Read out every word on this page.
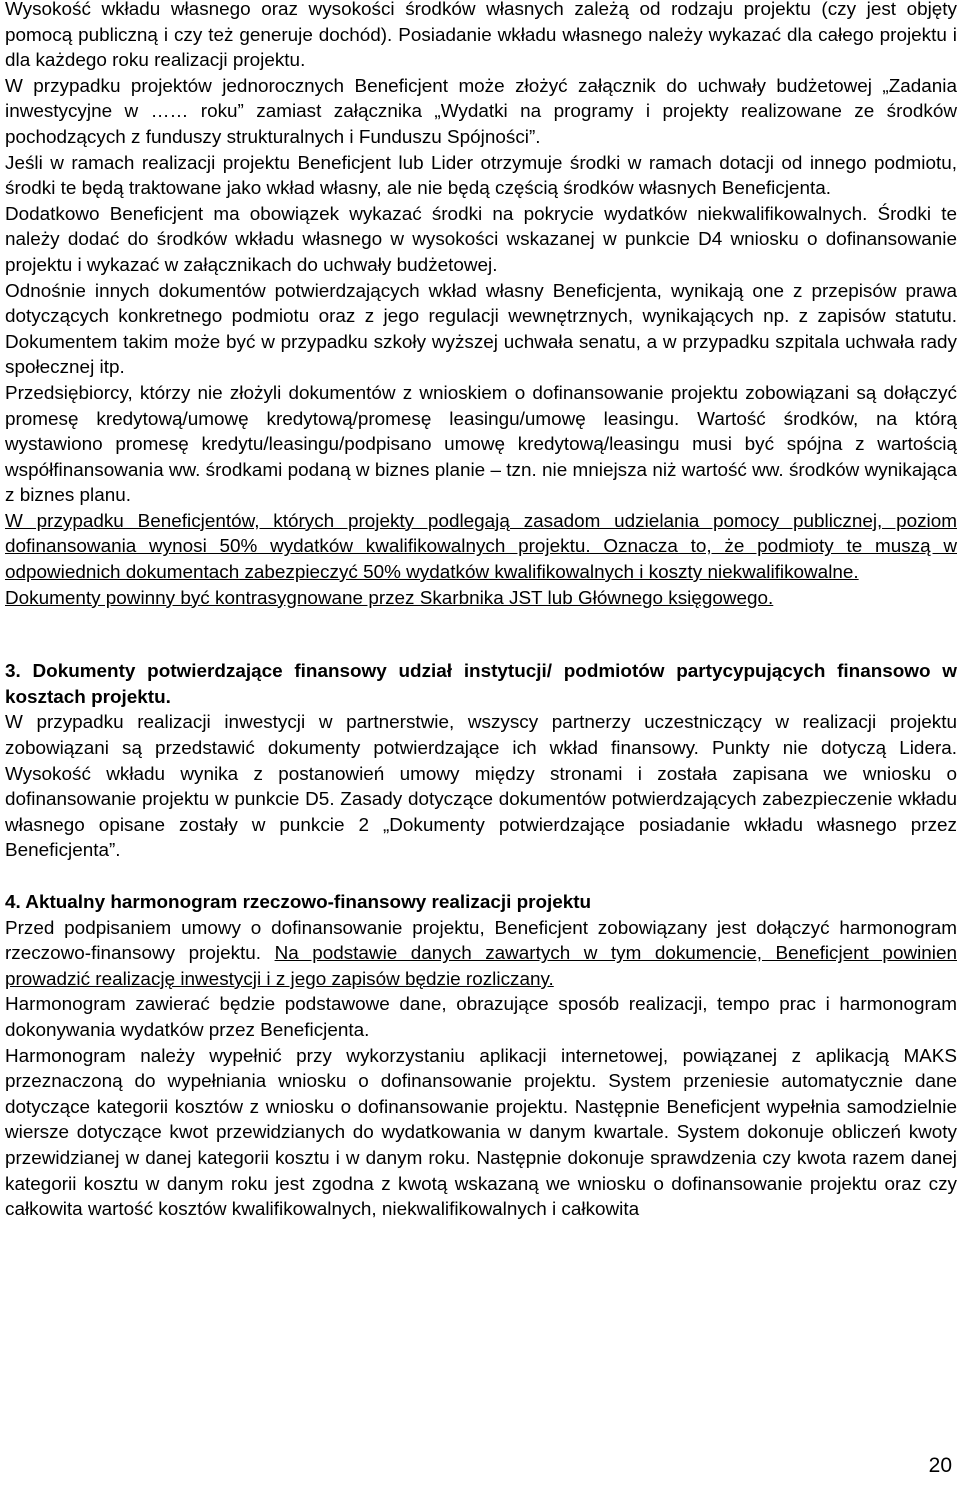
Wysokość wkładu własnego oraz wysokości środków własnych zależą od rodzaju projektu (czy jest objęty pomocą publiczną i czy też generuje dochód). Posiadanie wkładu własnego należy wykazać dla całego projektu i dla każdego roku realizacji projektu.

W przypadku projektów jednorocznych Beneficjent może złożyć załącznik do uchwały budżetowej „Zadania inwestycyjne w …… roku” zamiast załącznika „Wydatki na programy i projekty realizowane ze środków pochodzących z funduszy strukturalnych i Funduszu Spójności”.

Jeśli w ramach realizacji projektu Beneficjent lub Lider otrzymuje środki w ramach dotacji od innego podmiotu, środki te będą traktowane jako wkład własny, ale nie będą częścią środków własnych Beneficjenta.

Dodatkowo Beneficjent ma obowiązek wykazać środki na pokrycie wydatków niekwalifikowalnych. Środki te należy dodać do środków wkładu własnego w wysokości wskazanej w punkcie D4 wniosku o dofinansowanie projektu i wykazać w załącznikach do uchwały budżetowej.

Odnośnie innych dokumentów potwierdzających wkład własny Beneficjenta, wynikają one z przepisów prawa dotyczących konkretnego podmiotu oraz z jego regulacji wewnętrznych, wynikających np. z zapisów statutu. Dokumentem takim może być w przypadku szkoły wyższej uchwała senatu, a w przypadku szpitala uchwała rady społecznej itp.

Przedsiębiorcy, którzy nie złożyli dokumentów z wnioskiem o dofinansowanie projektu zobowiązani są dołączyć promesę kredytową/umowę kredytową/promesę leasingu/umowę leasingu. Wartość środków, na którą wystawiono promesę kredytu/leasingu/podpisano umowę kredytową/leasingu musi być spójna z wartością współfinansowania ww. środkami podaną w biznes planie – tzn. nie mniejsza niż wartość ww. środków wynikająca z biznes planu.

W przypadku Beneficjentów, których projekty podlegają zasadom udzielania pomocy publicznej, poziom dofinansowania wynosi 50% wydatków kwalifikowalnych projektu. Oznacza to, że podmioty te muszą w odpowiednich dokumentach zabezpieczyć 50% wydatków kwalifikowalnych i koszty niekwalifikowalne.

Dokumenty powinny być kontrasygnowane przez Skarbnika JST lub Głównego księgowego.

3. Dokumenty potwierdzające finansowy udział instytucji/ podmiotów partycypujących finansowo w kosztach projektu.

W przypadku realizacji inwestycji w partnerstwie, wszyscy partnerzy uczestniczący w realizacji projektu zobowiązani są przedstawić dokumenty potwierdzające ich wkład finansowy. Punkty nie dotyczą Lidera. Wysokość wkładu wynika z postanowień umowy między stronami i została zapisana we wniosku o dofinansowanie projektu w punkcie D5. Zasady dotyczące dokumentów potwierdzających zabezpieczenie wkładu własnego opisane zostały w punkcie 2 „Dokumenty potwierdzające posiadanie wkładu własnego przez Beneficjenta”.

4. Aktualny harmonogram rzeczowo-finansowy realizacji projektu

Przed podpisaniem umowy o dofinansowanie projektu, Beneficjent zobowiązany jest dołączyć harmonogram rzeczowo-finansowy projektu. Na podstawie danych zawartych w tym dokumencie, Beneficjent powinien prowadzić realizację inwestycji i z jego zapisów będzie rozliczany.

Harmonogram zawierać będzie podstawowe dane, obrazujące sposób realizacji, tempo prac i harmonogram dokonywania wydatków przez Beneficjenta.

Harmonogram należy wypełnić przy wykorzystaniu aplikacji internetowej, powiązanej z aplikacją MAKS przeznaczoną do wypełniania wniosku o dofinansowanie projektu. System przeniesie automatycznie dane dotyczące kategorii kosztów z wniosku o dofinansowanie projektu. Następnie Beneficjent wypełnia samodzielnie wiersze dotyczące kwot przewidzianych do wydatkowania w danym kwartale. System dokonuje obliczeń kwoty przewidzianej w danej kategorii kosztu i w danym roku. Następnie dokonuje sprawdzenia czy kwota razem danej kategorii kosztu w danym roku jest zgodna z kwotą wskazaną we wniosku o dofinansowanie projektu oraz czy całkowita wartość kosztów kwalifikowalnych, niekwalifikowalnych i całkowita

20
